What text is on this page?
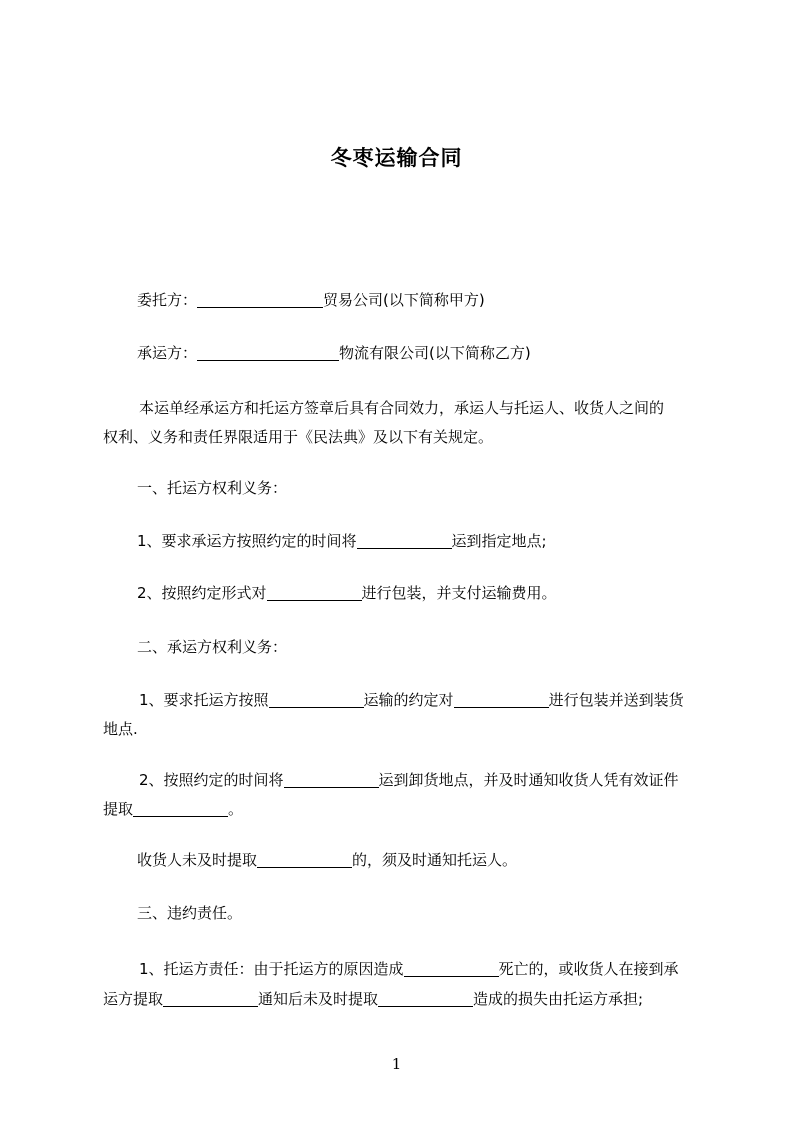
冬枣运输合同
委托方：	贸易公司(以下简称甲方)
承运方：	物流有限公司(以下简称乙方)
本运单经承运方和托运方签章后具有合同效力，承运人与托运人、收货人之间的
权利、义务和责任界限适用于《民法典》及以下有关规定。
一、托运方权利义务：
1、要求承运方按照约定的时间将	运到指定地点;
2、按照约定形式对	进行包装，并支付运输费用。
二、承运方权利义务：
1、要求托运方按照	运输的约定对	进行包装并送到装货
地点.
2、按照约定的时间将	运到卸货地点，并及时通知收货人凭有效证件
提取	。
收货人未及时提取	的，须及时通知托运人。
三、违约责任。
1、托运方责任：由于托运方的原因造成	死亡的，或收货人在接到承
运方提取	通知后未及时提取	造成的损失由托运方承担;
1
